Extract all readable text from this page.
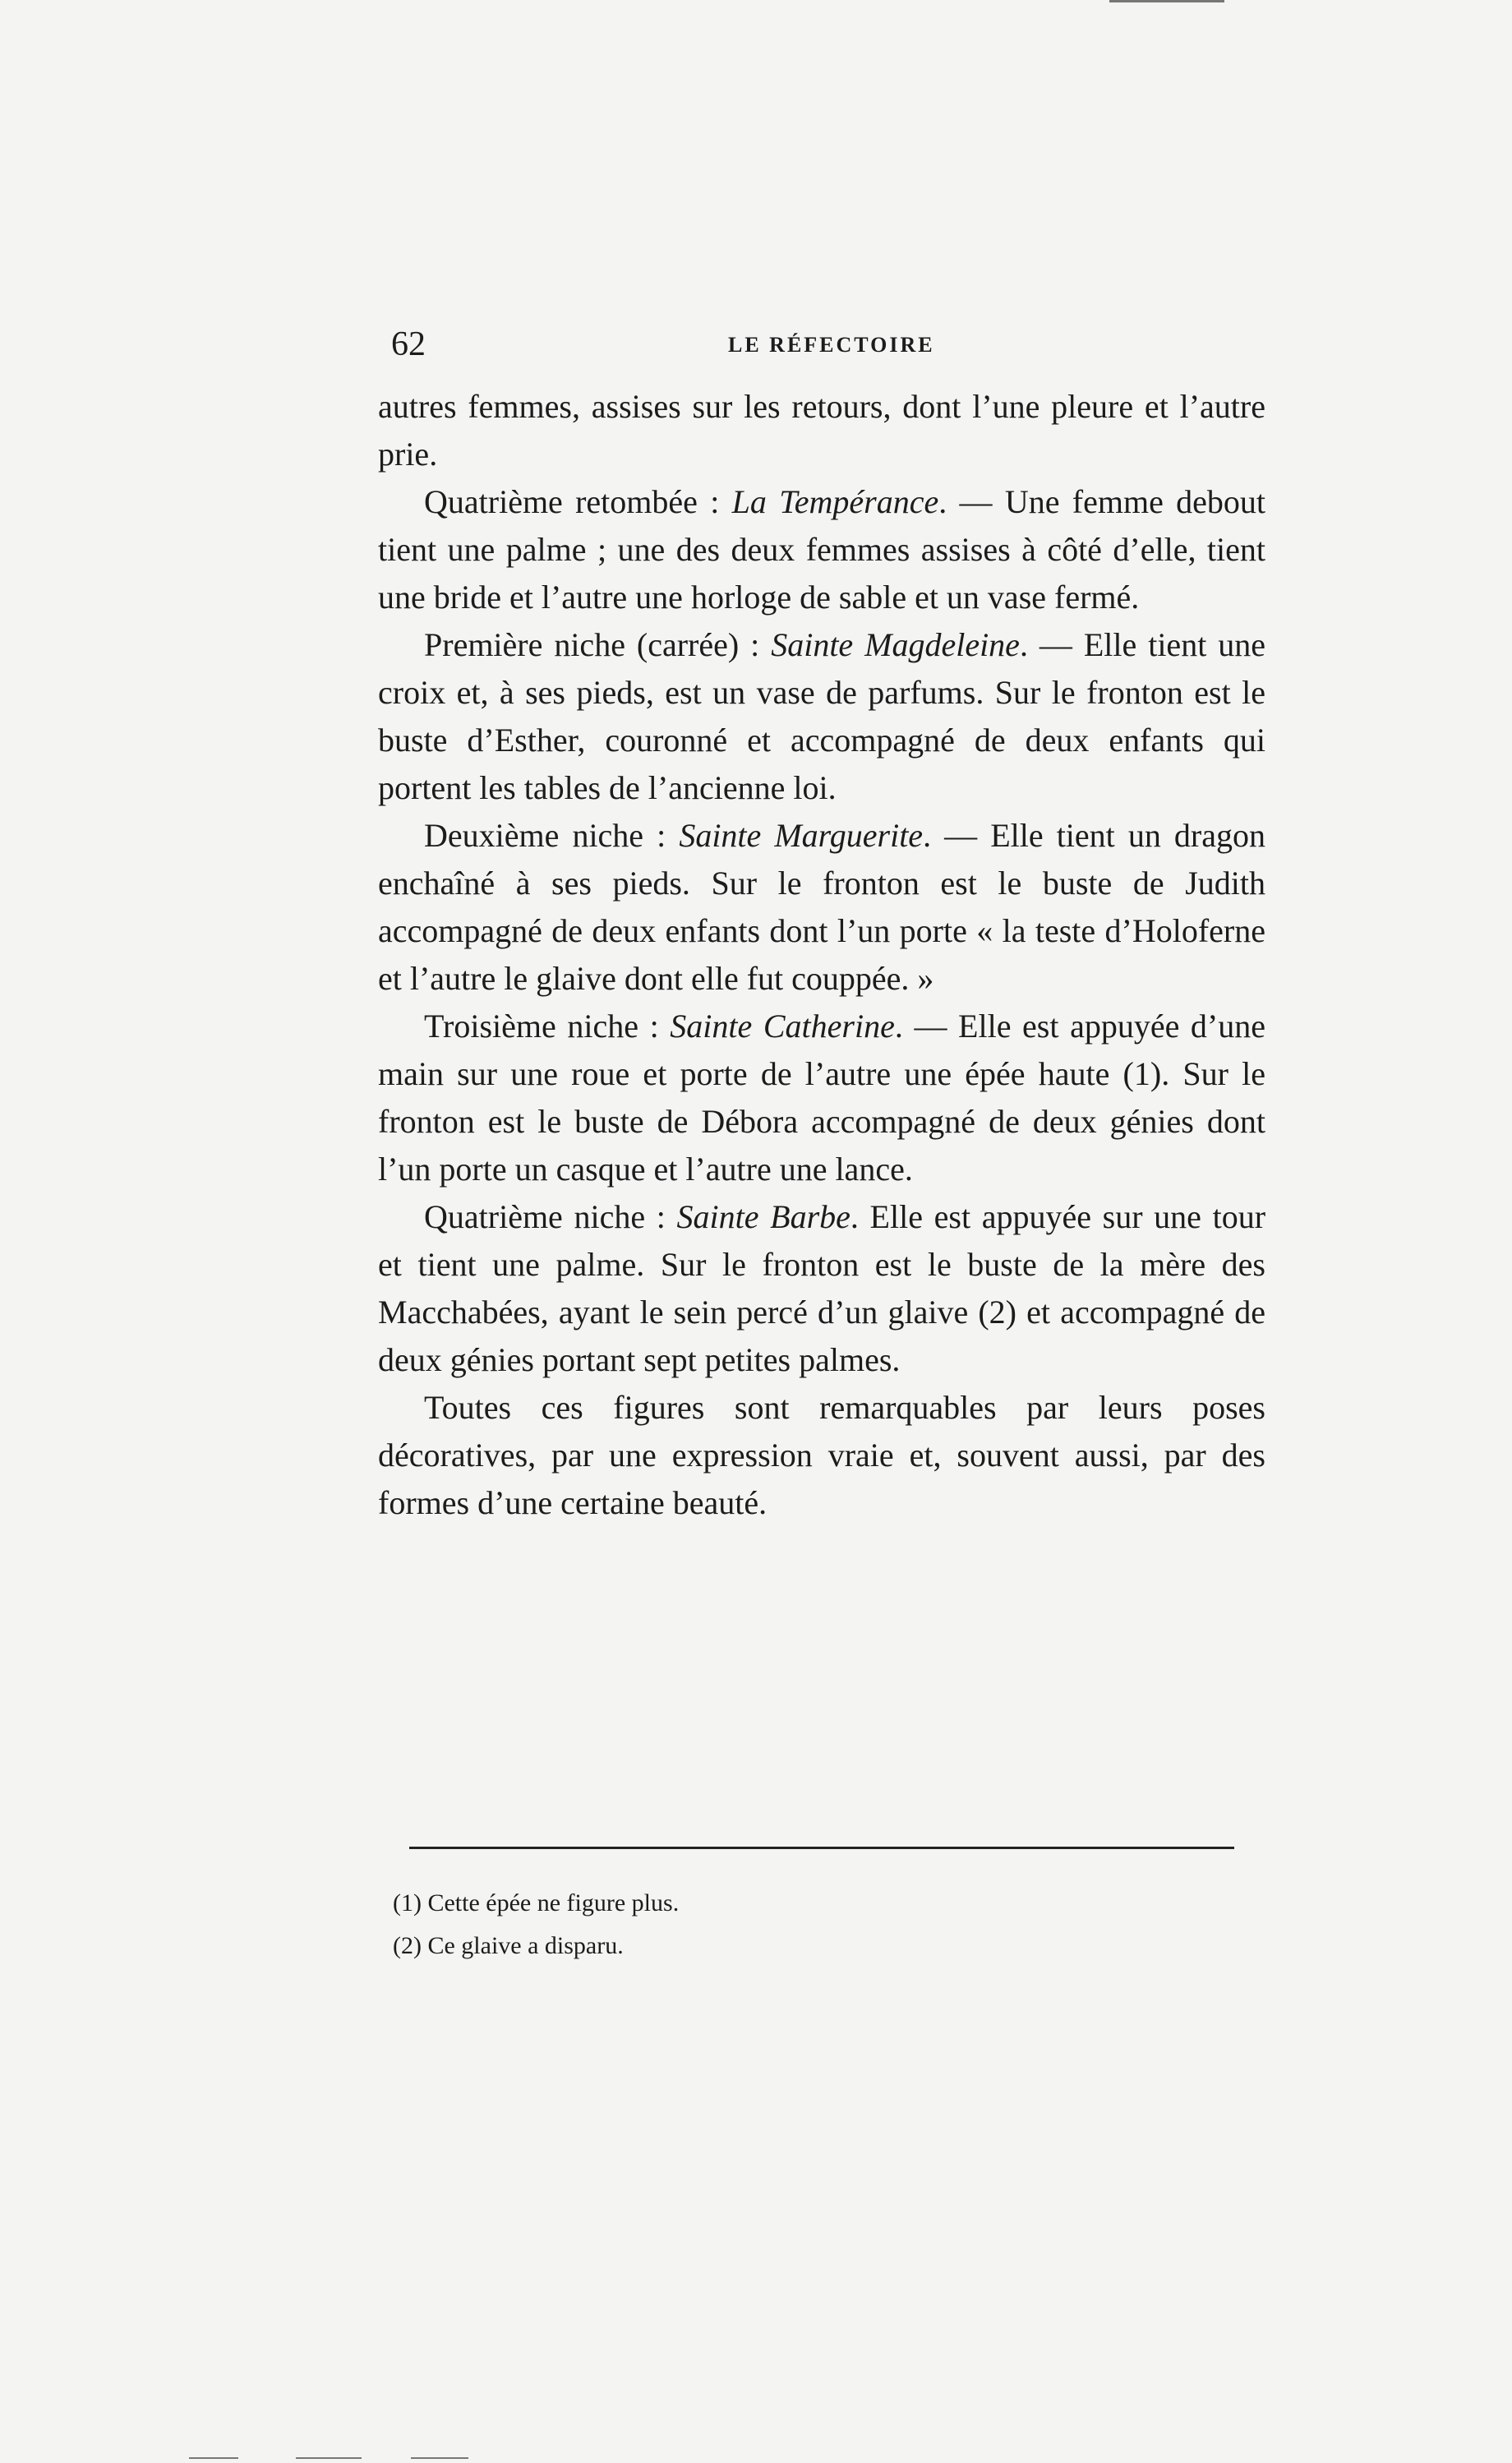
62	LE RÉFECTOIRE

autres femmes, assises sur les retours, dont l’une pleure et l’autre prie.

Quatrième retombée : La Tempérance. — Une femme debout tient une palme ; une des deux femmes assises à côté d’elle, tient une bride et l’autre une horloge de sable et un vase fermé.

Première niche (carrée) : Sainte Magdeleine. — Elle tient une croix et, à ses pieds, est un vase de parfums. Sur le fronton est le buste d’Esther, couronné et accompagné de deux enfants qui portent les tables de l’ancienne loi.

Deuxième niche : Sainte Marguerite. — Elle tient un dragon enchaîné à ses pieds. Sur le fronton est le buste de Judith accompagné de deux enfants dont l’un porte « la teste d’Holoferne et l’autre le glaive dont elle fut couppée. »

Troisième niche : Sainte Catherine. — Elle est appuyée d’une main sur une roue et porte de l’autre une épée haute (1). Sur le fronton est le buste de Débora accompagné de deux génies dont l’un porte un casque et l’autre une lance.

Quatrième niche : Sainte Barbe. Elle est appuyée sur une tour et tient une palme. Sur le fronton est le buste de la mère des Macchabées, ayant le sein percé d’un glaive (2) et accompagné de deux génies portant sept petites palmes.

Toutes ces figures sont remarquables par leurs poses décoratives, par une expression vraie et, souvent aussi, par des formes d’une certaine beauté.

(1) Cette épée ne figure plus.

(2) Ce glaive a disparu.
